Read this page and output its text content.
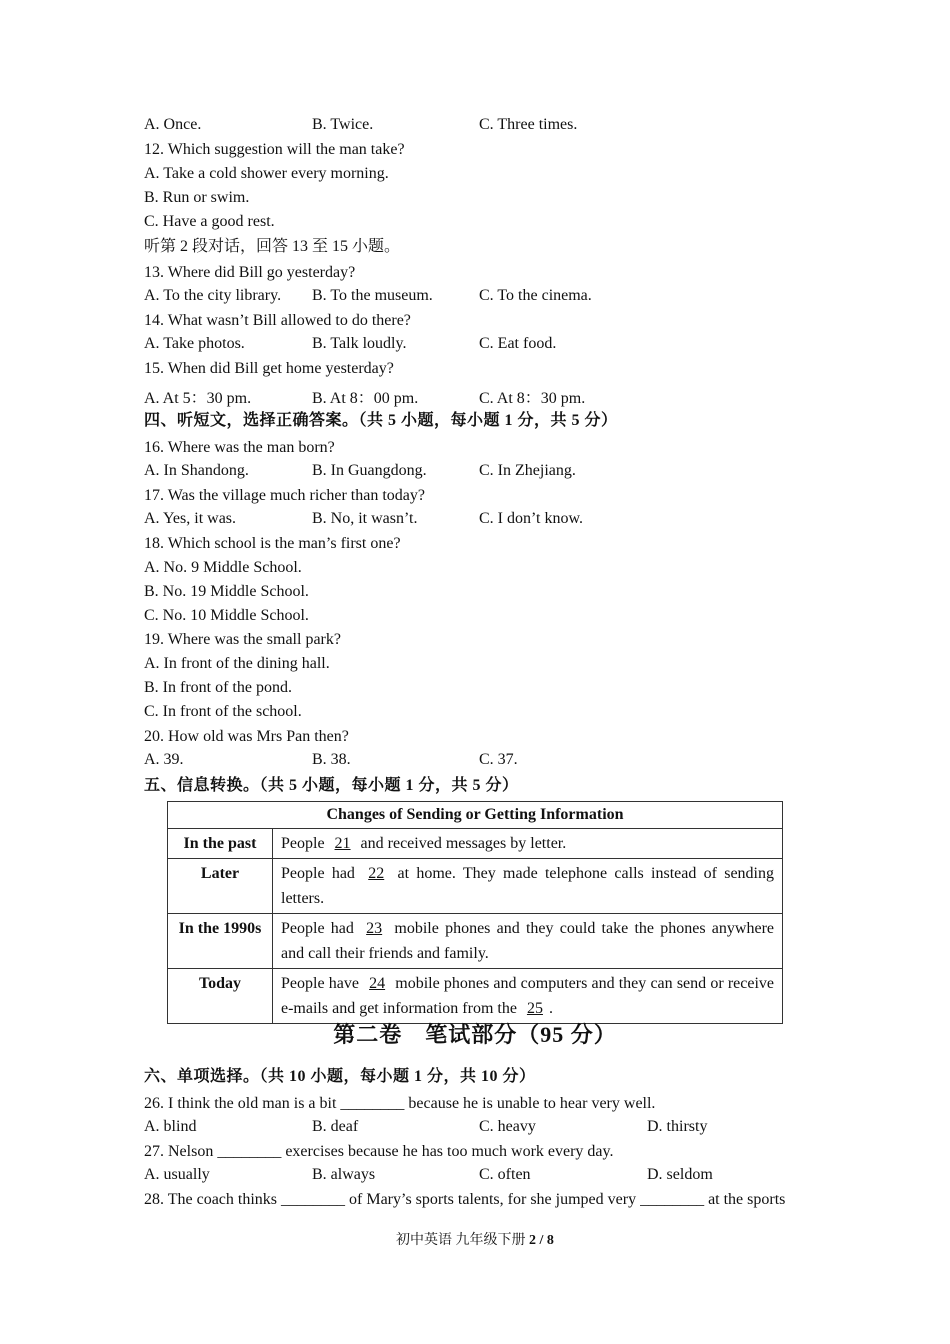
A. Once.	B. Twice.	C. Three times.
12. Which suggestion will the man take?
A. Take a cold shower every morning.
B. Run or swim.
C. Have a good rest.
听第 2 段对话，回答 13 至 15 小题。
13. Where did Bill go yesterday?
A. To the city library. B. To the museum.	C. To the cinema.
14. What wasn’t Bill allowed to do there?
A. Take photos.	B. Talk loudly.	C. Eat food.
15. When did Bill get home yesterday?
A. At 5：30 pm.	B. At 8：00 pm.	C. At 8：30 pm.
四、听短文，选择正确答案。（共 5 小题，每小题 1 分，共 5 分）
16. Where was the man born?
A. In Shandong.	B. In Guangdong.	C. In Zhejiang.
17. Was the village much richer than today?
A. Yes, it was.	B. No, it wasn’t.	C. I don’t know.
18. Which school is the man’s first one?
A. No. 9 Middle School.
B. No. 19 Middle School.
C. No. 10 Middle School.
19. Where was the small park?
A. In front of the dining hall.
B. In front of the pond.
C. In front of the school.
20. How old was Mrs Pan then?
A. 39.	B. 38.	C. 37.
五、信息转换。（共 5 小题，每小题 1 分，共 5 分）
Changes of Sending or Getting Information	
In the past	People 21 and received messages by letter.
Later	People had 22 at home. They made telephone calls instead of sending letters.
In the 1990s	People had 23 mobile phones and they could take the phones anywhere and call their friends and family.
Today	People have 24 mobile phones and computers and they can send or receive e-mails and get information from the 25 .
第二卷　笔试部分（95 分）
六、单项选择。（共 10 小题，每小题 1 分，共 10 分）
26. I think the old man is a bit ________ because he is unable to hear very well.
A. blind	B. deaf	C. heavy	D. thirsty
27. Nelson ________ exercises because he has too much work every day.
A. usually	B. always	C. often	D. seldom
28. The coach thinks ________ of Mary’s sports talents, for she jumped very ________ at the sports
初中英语 九年级下册 2 / 8
